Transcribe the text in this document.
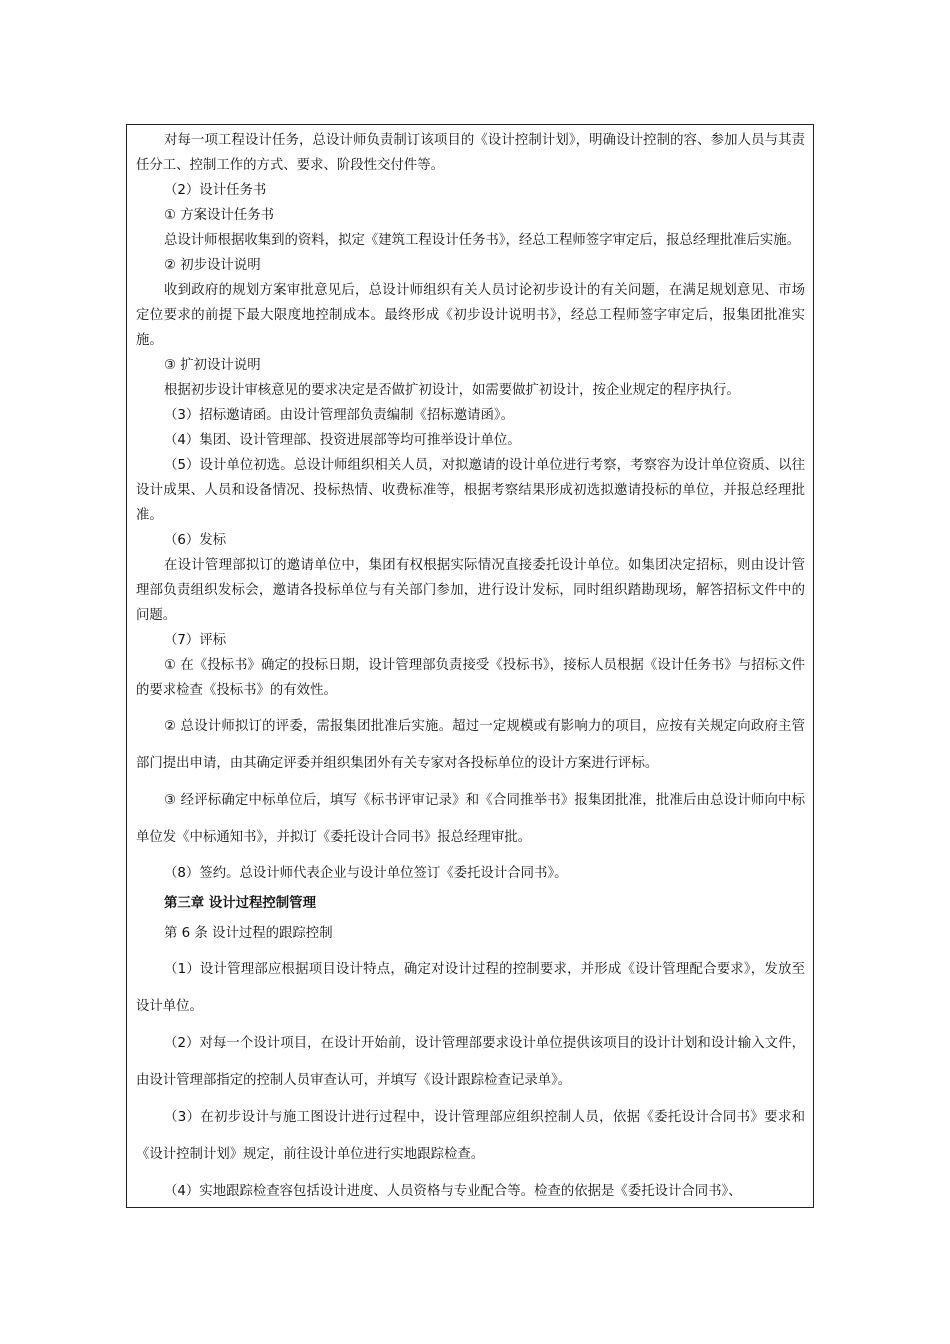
对每一项工程设计任务，总设计师负责制订该项目的《设计控制计划》，明确设计控制的容、参加人员与其责任分工、控制工作的方式、要求、阶段性交付件等。

（2）设计任务书

① 方案设计任务书

总设计师根据收集到的资料，拟定《建筑工程设计任务书》，经总工程师签字审定后，报总经理批准后实施。

② 初步设计说明

收到政府的规划方案审批意见后，总设计师组织有关人员讨论初步设计的有关问题，在满足规划意见、市场定位要求的前提下最大限度地控制成本。最终形成《初步设计说明书》，经总工程师签字审定后，报集团批准实施。

③ 扩初设计说明

根据初步设计审核意见的要求决定是否做扩初设计，如需要做扩初设计，按企业规定的程序执行。

（3）招标邀请函。由设计管理部负责编制《招标邀请函》。

（4）集团、设计管理部、投资进展部等均可推举设计单位。

（5）设计单位初选。总设计师组织相关人员，对拟邀请的设计单位进行考察，考察容为设计单位资质、以往设计成果、人员和设备情况、投标热情、收费标准等，根据考察结果形成初选拟邀请投标的单位，并报总经理批准。

（6）发标

在设计管理部拟订的邀请单位中，集团有权根据实际情况直接委托设计单位。如集团决定招标，则由设计管理部负责组织发标会，邀请各投标单位与有关部门参加，进行设计发标，同时组织踏勘现场，解答招标文件中的问题。

（7）评标

① 在《投标书》确定的投标日期，设计管理部负责接受《投标书》，接标人员根据《设计任务书》与招标文件的要求检查《投标书》的有效性。

② 总设计师拟订的评委，需报集团批准后实施。超过一定规模或有影响力的项目，应按有关规定向政府主管部门提出申请，由其确定评委并组织集团外有关专家对各投标单位的设计方案进行评标。

③ 经评标确定中标单位后，填写《标书评审记录》和《合同推举书》报集团批准，批准后由总设计师向中标单位发《中标通知书》，并拟订《委托设计合同书》报总经理审批。

（8）签约。总设计师代表企业与设计单位签订《委托设计合同书》。

第三章 设计过程控制管理

第 6 条 设计过程的跟踪控制

（1）设计管理部应根据项目设计特点，确定对设计过程的控制要求，并形成《设计管理配合要求》，发放至设计单位。

（2）对每一个设计项目，在设计开始前，设计管理部要求设计单位提供该项目的设计计划和设计输入文件，由设计管理部指定的控制人员审查认可，并填写《设计跟踪检查记录单》。

（3）在初步设计与施工图设计进行过程中，设计管理部应组织控制人员，依据《委托设计合同书》要求和《设计控制计划》规定，前往设计单位进行实地跟踪检查。

（4）实地跟踪检查容包括设计进度、人员资格与专业配合等。检查的依据是《委托设计合同书》、
